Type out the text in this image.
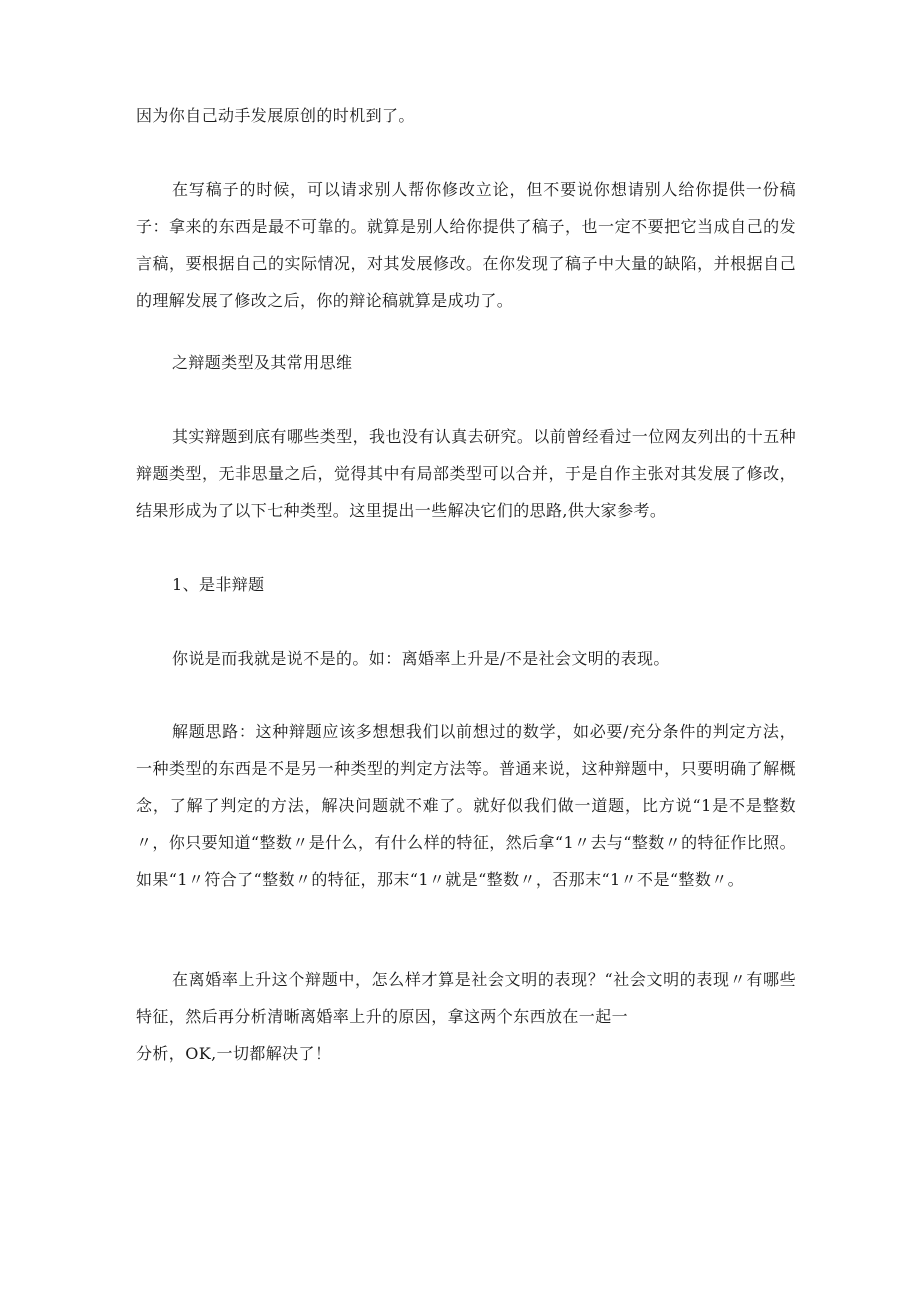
因为你自己动手发展原创的时机到了。

在写稿子的时候，可以请求别人帮你修改立论，但不要说你想请别人给你提供一份稿子：拿来的东西是最不可靠的。就算是别人给你提供了稿子，也一定不要把它当成自己的发言稿，要根据自己的实际情况，对其发展修改。在你发现了稿子中大量的缺陷，并根据自己的理解发展了修改之后，你的辩论稿就算是成功了。

之辩题类型及其常用思维

其实辩题到底有哪些类型，我也没有认真去研究。以前曾经看过一位网友列出的十五种辩题类型，无非思量之后，觉得其中有局部类型可以合并，于是自作主张对其发展了修改，结果形成为了以下七种类型。这里提出一些解决它们的思路,供大家参考。

1、是非辩题

你说是而我就是说不是的。如：离婚率上升是/不是社会文明的表现。

解题思路：这种辩题应该多想想我们以前想过的数学，如必要/充分条件的判定方法，一种类型的东西是不是另一种类型的判定方法等。普通来说，这种辩题中，只要明确了解概念，了解了判定的方法，解决问题就不难了。就好似我们做一道题，比方说“1是不是整数〃，你只要知道“整数〃是什么，有什么样的特征，然后拿“1〃去与“整数〃的特征作比照。如果“1〃符合了“整数〃的特征，那末“1〃就是“整数〃，否那末“1〃不是“整数〃。

在离婚率上升这个辩题中，怎么样才算是社会文明的表现？“社会文明的表现〃有哪些特征，然后再分析清晰离婚率上升的原因，拿这两个东西放在一起一

分析，OK,一切都解决了！
